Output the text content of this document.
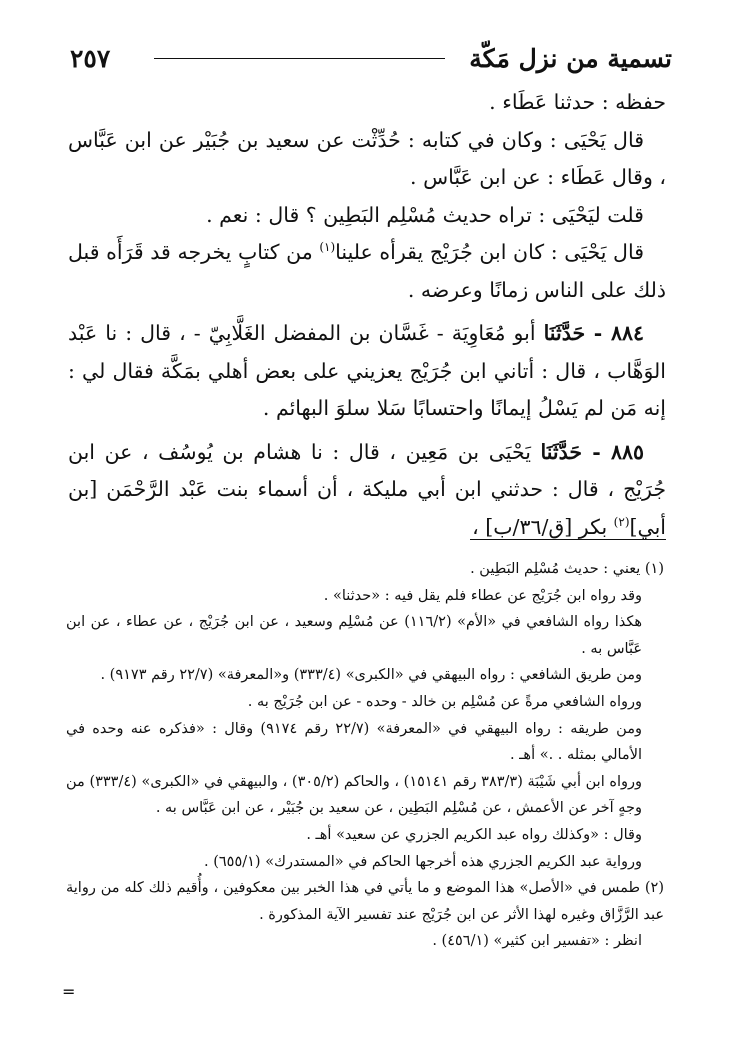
تسمية من نزل مَكّة
٢٥٧

حفظه : حدثنا عَطَاء .

قال يَحْيَى : وكان في كتابه : حُدِّثْت عن سعيد بن جُبَيْر عن ابن عَبَّاس ، وقال عَطَاء : عن ابن عَبَّاس .

قلت ليَحْيَى : تراه حديث مُسْلِم البَطِين ؟ قال : نعم .

قال يَحْيَى : كان ابن جُرَيْج يقرأه علينا$^{(١)}$ من كتابٍ يخرجه قد قَرَأَه قبل ذلك على الناس زمانًا وعرضه .

٨٨٤ - حَدَّثَنَا أبو مُعَاوِيَة - غَسَّان بن المفضل الغَلَّابِيّ - ، قال : نا عَبْد الوَهَّاب ، قال : أتاني ابن جُرَيْج يعزيني على بعض أهلي بمَكَّة فقال لي : إنه مَن لم يَسْلُ إيمانًا واحتسابًا سَلا سلوَ البهائم .

٨٨٥ - حَدَّثَنَا يَحْيَى بن مَعِين ، قال : نا هشام بن يُوسُف ، عن ابن جُرَيْج ، قال : حدثني ابن أبي مليكة ، أن أسماء بنت عَبْد الرَّحْمَن [بن أبي]$^{(٢)}$ بكر [ق/٣٦/ب] ،

(١) يعني : حديث مُسْلِم البَطِين .

وقد رواه ابن جُرَيْج عن عطاء فلم يقل فيه : «حدثنا» .

هكذا رواه الشافعي في «الأم» (١١٦/٢) عن مُسْلِم وسعيد ، عن ابن جُرَيْج ، عن عطاء ، عن ابن عَبَّاس به .

ومن طريق الشافعي : رواه البيهقي في «الكبرى» (٣٣٣/٤) و«المعرفة» (٢٢/٧ رقم ٩١٧٣) .

ورواه الشافعي مرةً عن مُسْلِم بن خالد - وحده - عن ابن جُرَيْج به .

ومن طريقه : رواه البيهقي في «المعرفة» (٢٢/٧ رقم ٩١٧٤) وقال : «فذكره عنه وحده في الأمالي بمثله . .» أهـ .

ورواه ابن أبي شَيْبَة (٣٨٣/٣ رقم ١٥١٤١) ، والحاكم (٣٠٥/٢) ، والبيهقي في «الكبرى» (٣٣٣/٤) من وجهٍ آخر عن الأعمش ، عن مُسْلِم البَطِين ، عن سعيد بن جُبَيْر ، عن ابن عَبَّاس به .

وقال : «وكذلك رواه عبد الكريم الجزري عن سعيد» أهـ .

ورواية عبد الكريم الجزري هذه أخرجها الحاكم في «المستدرك» (٦٥٥/١) .

(٢) طمس في «الأصل» هذا الموضع و ما يأتي في هذا الخبر بين معكوفين ، وأُقيم ذلك كله من رواية عبد الرَّزَّاق وغيره لهذا الأثر عن ابن جُرَيْج عند تفسير الآية المذكورة .

انظر : «تفسير ابن كثير» (٤٥٦/١) .

=
